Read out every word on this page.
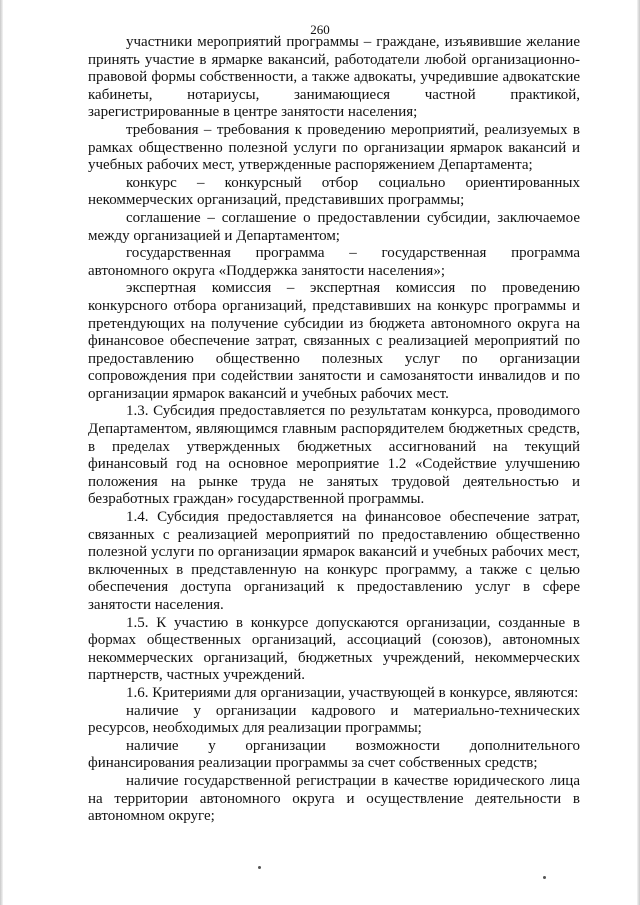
260

участники мероприятий программы – граждане, изъявившие желание принять участие в ярмарке вакансий, работодатели любой организационно-правовой формы собственности, а также адвокаты, учредившие адвокатские кабинеты, нотариусы, занимающиеся частной практикой, зарегистрированные в центре занятости населения;

требования – требования к проведению мероприятий, реализуемых в рамках общественно полезной услуги по организации ярмарок вакансий и учебных рабочих мест, утвержденные распоряжением Департамента;

конкурс – конкурсный отбор социально ориентированных некоммерческих организаций, представивших программы;

соглашение – соглашение о предоставлении субсидии, заключаемое между организацией и Департаментом;

государственная программа – государственная программа автономного округа «Поддержка занятости населения»;

экспертная комиссия – экспертная комиссия по проведению конкурсного отбора организаций, представивших на конкурс программы и претендующих на получение субсидии из бюджета автономного округа на финансовое обеспечение затрат, связанных с реализацией мероприятий по предоставлению общественно полезных услуг по организации сопровождения при содействии занятости и самозанятости инвалидов и по организации ярмарок вакансий и учебных рабочих мест.

1.3. Субсидия предоставляется по результатам конкурса, проводимого Департаментом, являющимся главным распорядителем бюджетных средств, в пределах утвержденных бюджетных ассигнований на текущий финансовый год на основное мероприятие 1.2 «Содействие улучшению положения на рынке труда не занятых трудовой деятельностью и безработных граждан» государственной программы.

1.4. Субсидия предоставляется на финансовое обеспечение затрат, связанных с реализацией мероприятий по предоставлению общественно полезной услуги по организации ярмарок вакансий и учебных рабочих мест, включенных в представленную на конкурс программу, а также с целью обеспечения доступа организаций к предоставлению услуг в сфере занятости населения.

1.5. К участию в конкурсе допускаются организации, созданные в формах общественных организаций, ассоциаций (союзов), автономных некоммерческих организаций, бюджетных учреждений, некоммерческих партнерств, частных учреждений.

1.6. Критериями для организации, участвующей в конкурсе, являются:

наличие у организации кадрового и материально-технических ресурсов, необходимых для реализации программы;

наличие у организации возможности дополнительного финансирования реализации программы за счет собственных средств;

наличие государственной регистрации в качестве юридического лица на территории автономного округа и осуществление деятельности в автономном округе;
